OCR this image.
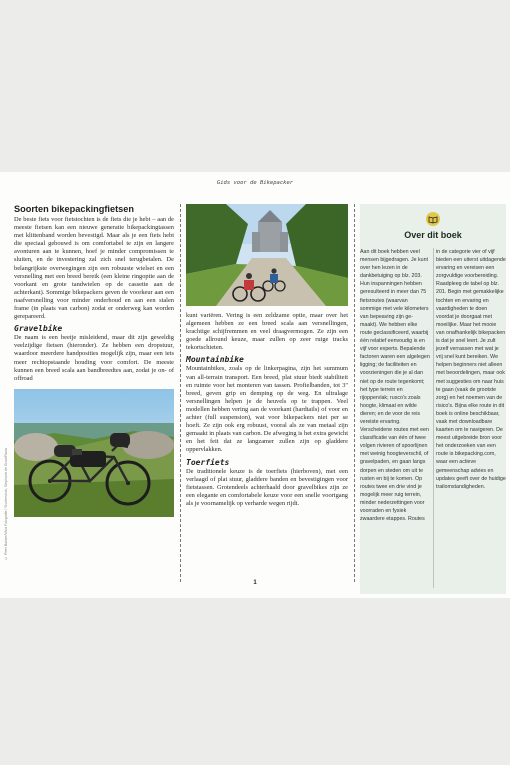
Gids voor de Bikepacker
© Peter Bakker/Wind Fotografie / Shutterstock, Stephanie de Groot/Rauw
Soorten bikepackingfietsen

De beste fiets voor fietstochten is de fiets die je hebt – aan de meeste fietsen kan een nieuwe generatie bikepackingtassen met klittenband worden bevestigd. Maar als je een fiets hebt die speciaal gebouwd is om comfortabel te zijn en langere avonturen aan te kunnen, hoef je minder compromissen te sluiten, en de investering zal zich snel terugbetalen. De belangrijkste overwegingen zijn een robuuste wielset en een versnelling met een breed bereik (een kleine ringoptie aan de voorkant en grote tandwielen op de cassette aan de achterkant). Sommige bikepackers geven de voorkeur aan een naafversnelling voor minder onderhoud en aan een stalen frame (in plaats van carbon) zodat er onderweg kan worden gerepareerd.

Gravelbike

De naam is een beetje misleidend, maar dit zijn geweldig veelzijdige fietsen (hieronder). Ze hebben een dropstuur, waardoor meerdere handposities mogelijk zijn, maar een iets meer rechtopstaande houding voor comfort. De meeste kunnen een breed scala aan bandbreedtes aan, zodat je on- of offroad

kunt variëren. Vering is een zeldzame optie, maar over het algemeen hebben ze een breed scala aan versnellingen, krachtige schijfremmen en veel draagvermogen. Ze zijn een goede allround keuze, maar zullen op zeer ruige tracks tekortschieten.

Mountainbike

Mountainbikes, zoals op de linkerpagina, zijn het summum van all-terrain transport. Een breed, plat stuur biedt stabiliteit en ruimte voor het monteren van tassen. Profielbanden, tot 3" breed, geven grip en demping op de weg. En ultralage versnellingen helpen je de heuvels op te trappen. Veel modellen hebben vering aan de voorkant (hardtails) of voor en achter (full suspension), wat voor bikepackers niet per se hoeft. Ze zijn ook erg robuust, vooral als ze van metaal zijn gemaakt in plaats van carbon. De afweging is het extra gewicht en het feit dat ze langzamer zullen zijn op gladdere oppervlakken.

Toerfiets

De traditionele keuze is de toerfiets (hierboven), met een verlaagd of plat stuur, gladdere banden en bevestigingen voor fietstassen. Grotendeels achterhaald door gravelbikes zijn ze een elegante en comfortabele keuze voor een snelle voortgang als je voornamelijk op verharde wegen rijdt.

Over dit boek
Aan dit boek hebben veel mensen bijgedragen. Je kunt over hen lezen in de dankbetuiging op blz. 203. Hun inspanningen hebben geresulteerd in meer dan 75 fietsroutes (waarvan sommige met vele kilometers van bepeaving zijn ge-maakt). We hebben elke route geclassificeerd, waarbij één relatief eenvoudig is en vijf voor experts. Bepalende factoren waren een algelegen ligging; de faciliteiten en voorzieningen die je al dan niet op de route tegenkomt; het type terrein en rijoppervlak; rusco's zoals hoogte, klimaat en wilde dieren; en de voor de reis vereiste ervaring. Verscheidene routes met een classificatie van één of twee volgen rivieren of spoorlijnen met weinig hoogteverschil, of gravelpaden, en gaan langs dorpen en steden om uit te rusten en bij te komen. Op routes twee en drie vind je mogelijk meer ruig terrein, minder nederzettingen voor voorraden en fysiek zwaardere etappes. Routes
in de categorie vier of vijf bieden een uiterst uitdagende ervaring en vereisen een zorgvuldige voorbereiding. Raadpleeg de tabel op blz. 201. Begin met gemakkelijke tochten en ervaring en vaardigheden te doen voordat je doorgaat met moeilijke. Maar het mooie van onafhankelijk bikepacken is dat je snel leert. Je zult jezelf verrassen met wat je vrij snel kunt bereiken. We helpen beginners niet alleen met beoordelingen, maar ook met suggesties om naar huis te gaan (vaak de grootste zorg) en het noemen van de risico's. Bijna elke route in dit boek is online beschikbaar, vaak met downloadbare kaarten om te navigeren. De meest uitgebreide bron voor het onderzoeken van een route is bikepacking.com, waar een actieve gemeenschap advies en updates geeft over de huidige trailomstandigheden.
1
